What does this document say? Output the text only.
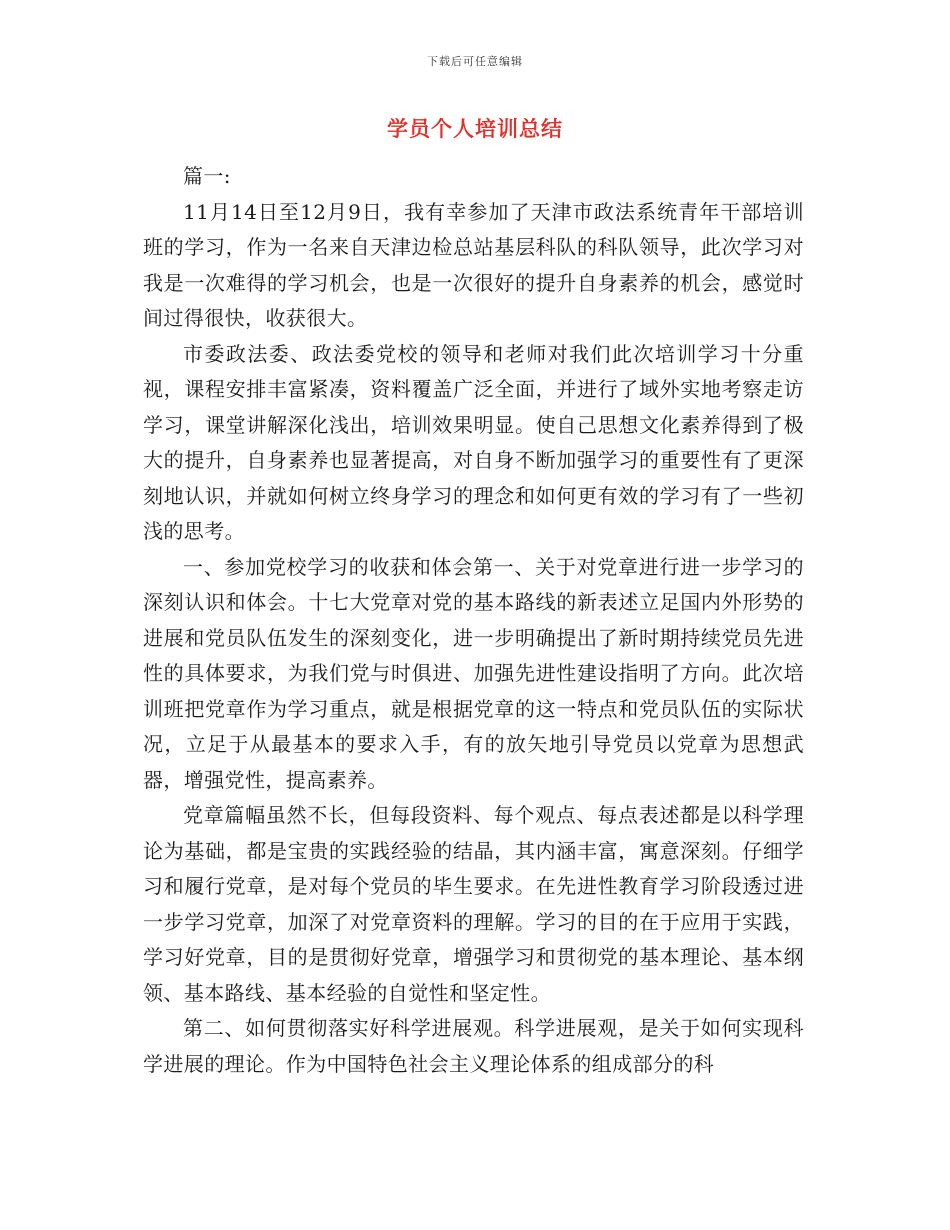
下载后可任意编辑
学员个人培训总结

篇一:

11月14日至12月9日，我有幸参加了天津市政法系统青年干部培训班的学习，作为一名来自天津边检总站基层科队的科队领导，此次学习对我是一次难得的学习机会，也是一次很好的提升自身素养的机会，感觉时间过得很快，收获很大。

市委政法委、政法委党校的领导和老师对我们此次培训学习十分重视，课程安排丰富紧凑，资料覆盖广泛全面，并进行了域外实地考察走访学习，课堂讲解深化浅出，培训效果明显。使自己思想文化素养得到了极大的提升，自身素养也显著提高，对自身不断加强学习的重要性有了更深刻地认识，并就如何树立终身学习的理念和如何更有效的学习有了一些初浅的思考。

一、参加党校学习的收获和体会第一、关于对党章进行进一步学习的深刻认识和体会。十七大党章对党的基本路线的新表述立足国内外形势的进展和党员队伍发生的深刻变化，进一步明确提出了新时期持续党员先进性的具体要求，为我们党与时俱进、加强先进性建设指明了方向。此次培训班把党章作为学习重点，就是根据党章的这一特点和党员队伍的实际状况，立足于从最基本的要求入手，有的放矢地引导党员以党章为思想武器，增强党性，提高素养。

党章篇幅虽然不长，但每段资料、每个观点、每点表述都是以科学理论为基础，都是宝贵的实践经验的结晶，其内涵丰富，寓意深刻。仔细学习和履行党章，是对每个党员的毕生要求。在先进性教育学习阶段透过进一步学习党章，加深了对党章资料的理解。学习的目的在于应用于实践，学习好党章，目的是贯彻好党章，增强学习和贯彻党的基本理论、基本纲领、基本路线、基本经验的自觉性和坚定性。

第二、如何贯彻落实好科学进展观。科学进展观，是关于如何实现科学进展的理论。作为中国特色社会主义理论体系的组成部分的科
